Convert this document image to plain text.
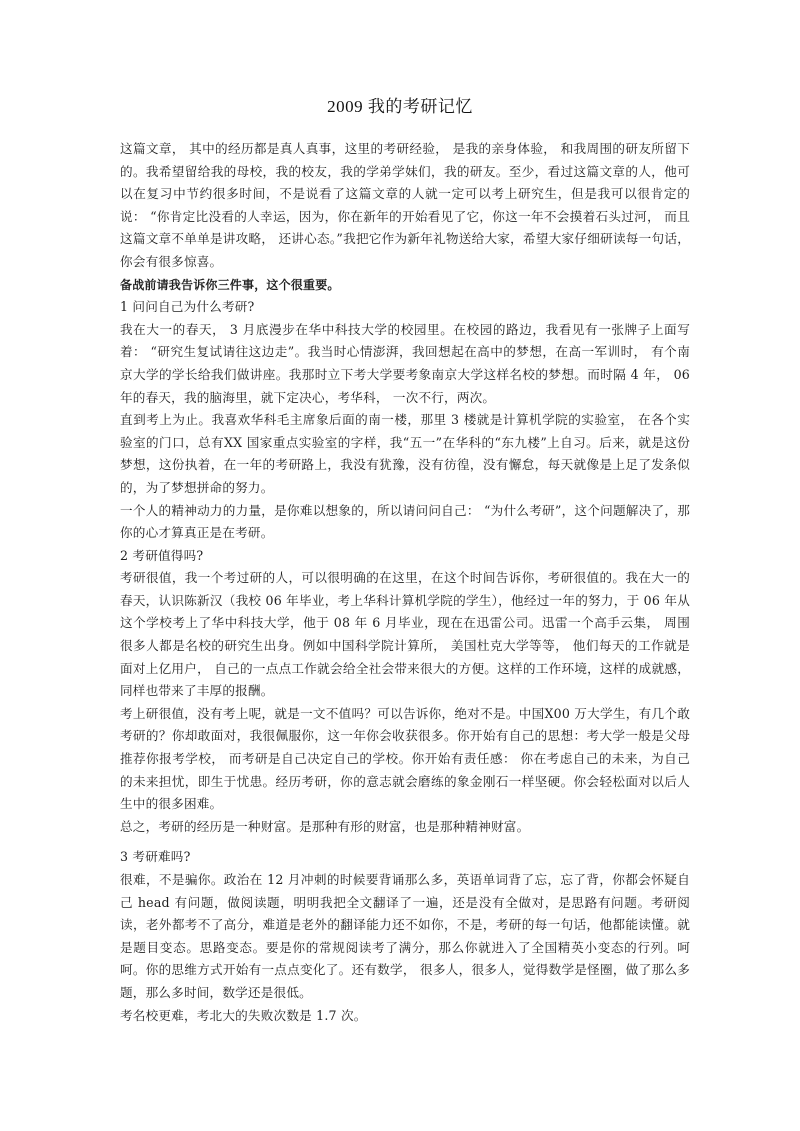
2009 我的考研记忆

这篇文章， 其中的经历都是真人真事，这里的考研经验， 是我的亲身体验， 和我周围的研友所留下的。我希望留给我的母校，我的校友，我的学弟学妹们，我的研友。至少，看过这篇文章的人，他可以在复习中节约很多时间，不是说看了这篇文章的人就一定可以考上研究生，但是我可以很肯定的说： “你肯定比没看的人幸运，因为，你在新年的开始看见了它，你这一年不会摸着石头过河， 而且这篇文章不单单是讲攻略， 还讲心态。”我把它作为新年礼物送给大家，希望大家仔细研读每一句话，你会有很多惊喜。

备战前请我告诉你三件事，这个很重要。

1 问问自己为什么考研?

我在大一的春天， 3 月底漫步在华中科技大学的校园里。在校园的路边，我看见有一张牌子上面写着： “研究生复试请往这边走”。我当时心情澎湃，我回想起在高中的梦想，在高一军训时， 有个南京大学的学长给我们做讲座。我那时立下考大学要考象南京大学这样名校的梦想。而时隔 4 年， 06 年的春天，我的脑海里，就下定决心，考华科， 一次不行，两次。

直到考上为止。我喜欢华科毛主席象后面的南一楼，那里 3 楼就是计算机学院的实验室， 在各个实验室的门口，总有XX 国家重点实验室的字样，我“五一”在华科的“东九楼”上自习。后来，就是这份梦想，这份执着，在一年的考研路上，我没有犹豫，没有彷徨，没有懈怠，每天就像是上足了发条似的，为了梦想拼命的努力。

一个人的精神动力的力量，是你难以想象的，所以请问问自己： “为什么考研”，这个问题解决了，那你的心才算真正是在考研。

2 考研值得吗?

考研很值，我一个考过研的人，可以很明确的在这里，在这个时间告诉你，考研很值的。我在大一的春天，认识陈新汉（我校 06 年毕业，考上华科计算机学院的学生），他经过一年的努力，于 06 年从这个学校考上了华中科技大学，他于 08 年 6 月毕业，现在在迅雷公司。迅雷一个高手云集， 周围很多人都是名校的研究生出身。例如中国科学院计算所， 美国杜克大学等等， 他们每天的工作就是面对上亿用户， 自己的一点点工作就会给全社会带来很大的方便。这样的工作环境，这样的成就感，同样也带来了丰厚的报酬。

考上研很值，没有考上呢，就是一文不值吗？可以告诉你，绝对不是。中国X00 万大学生，有几个敢考研的？你却敢面对，我很佩服你，这一年你会收获很多。你开始有自己的思想：考大学一般是父母推荐你报考学校， 而考研是自己决定自己的学校。你开始有责任感： 你在考虑自己的未来，为自己的未来担忧，即生于忧患。经历考研，你的意志就会磨练的象金刚石一样坚硬。你会轻松面对以后人生中的很多困难。

总之，考研的经历是一种财富。是那种有形的财富，也是那种精神财富。

3 考研难吗?

很难，不是骗你。政治在 12 月冲刺的时候要背诵那么多，英语单词背了忘，忘了背，你都会怀疑自己 head 有问题，做阅读题，明明我把全文翻译了一遍，还是没有全做对，是思路有问题。考研阅读，老外都考不了高分，难道是老外的翻译能力还不如你，不是，考研的每一句话，他都能读懂。就是题目变态。思路变态。要是你的常规阅读考了满分，那么你就进入了全国精英小变态的行列。呵呵。你的思维方式开始有一点点变化了。还有数学， 很多人，很多人，觉得数学是怪圈，做了那么多题，那么多时间，数学还是很低。

考名校更难，考北大的失败次数是 1.7 次。
